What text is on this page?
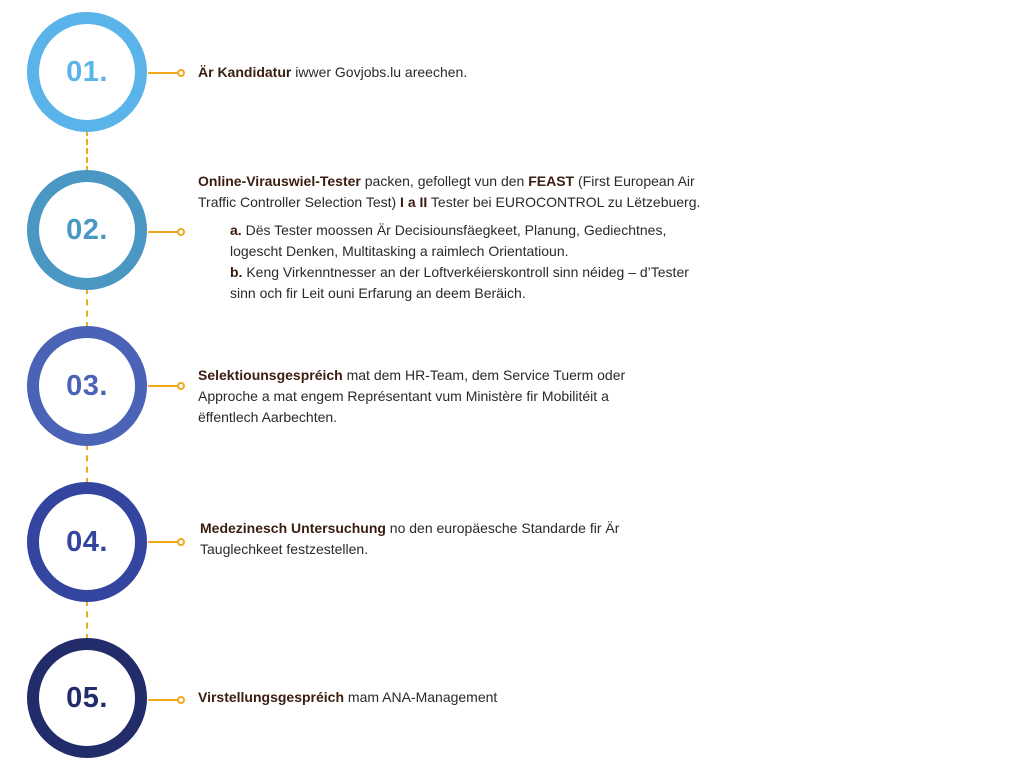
01.	Är Kandidatur iwwer Govjobs.lu areechen.
02.
Online-Virauswiel-Tester packen, gefollegt vun den FEAST (First European Air Traffic Controller Selection Test) I a II Tester bei EUROCONTROL zu Lëtzebuerg.
a. Dës Tester moossen Är Decisiounsfäegkeet, Planung, Gediechtnes, logescht Denken, Multitasking a raimlech Orientatioun.
b. Keng Virkenntnesser an der Loftverkéierskontroll sinn néideg – d’Tester sinn och fir Leit ouni Erfarung an deem Beräich.
03.	Selektiounsgespréich mat dem HR-Team, dem Service Tuerm oder Approche a mat engem Représentant vum Ministère fir Mobilitéit a ëffentlech Aarbechten.
04.	Medezinesch Untersuchung no den europäesche Standarde fir Är Tauglechkeet festzestellen.
05.	Virstellungsgespréich mam ANA-Management
